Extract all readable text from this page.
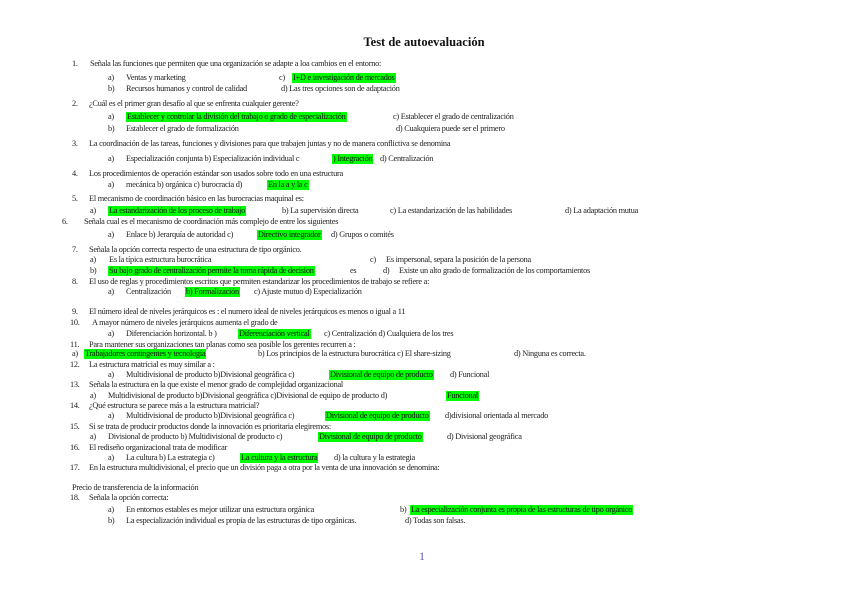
Test de autoevaluación
1. Señala las funciones que permiten que una organización se adapte a loa cambios en el entorno:
a) Ventas y marketing	c) I+D e investigación de mercados
b) Recursos humanos y control de calidad	d) Las tres opciones son de adaptación
2. ¿Cuál es el primer gran desafío al que se enfrenta cualquier gerente?
a) Establecer y controlar la división del trabajo o grado de especialización	c) Establecer el grado de centralización
b) Establecer el grado de formalización	d) Cuakquiera puede ser el primero
3. La coordinación de las tareas, funciones y divisiones para que trabajen juntas y no de manera conflictiva se denomina
a) Especialización conjunta b) Especialización individual c	) Integración d) Centralización
4. Los procedimientos de operación estándar son usados sobre todo en una estructura
a) mecánica b) orgánica c) burocracia d)	En la a y la c
5. El mecanismo de coordinación básico en las burocracias maquinal es:
a) La estandarización de los proceso de trabajo	b) La supervisión directa	c) La estandarización de las habilidades	d) La adaptación mutua
6. Señala cual es el mecanismo de coordinación más complejo de entre los siguientes
a) Enlace b) Jerarquía de autoridad c)	Directivo integrador d) Grupos o comités
7. Señala la opción correcta respecto de una estructura de tipo orgánico.
a) Es la típica estructura burocrática	c) Es impersonal, separa la posición de la persona
b) Su bajo grado de centralización permite la toma rápida de decision	es	d) Existe un alto grado de formalización de los comportamientos
8. El uso de reglas y procedimientos escritos que permiten estandarizar los procedimientos de trabajo se refiere a:
a) Centralización b) Formalización c) Ajuste mutuo d) Especialización
9. El número ideal de niveles jerárquicos es : el numero ideal de niveles jerárquicos es menos o igual a 11
10. A mayor número de niveles jerárquicos aumenta el grado de
a) Diferenciación horizontal. b )	Diferenciación vertical c) Centralización d) Cualquiera de los tres
11. Para mantener sus organizaciones tan planas como sea posible los gerentes recurren a :
a) Trabajadores contingentes y tecnología	b) Los principios de la estructura burocrática c) El share-sizing	d) Ninguna es correcta.
12. La estructura matricial es muy similar a :
a) Multidivisional de producto b)Divisional geográfica c)	Divisional de equipo de producto d) Funcional
13. Señala la estructura en la que existe el menor grado de complejidad organizacional
a) Multidivisional de producto b)Divisional geográfica c)Divisional de equipo de producto d)	Funcional
14. ¿Qué estructura se parece más a la estructura matricial?
a) Multidivisional de producto b)Divisional geográfica c)	Divisional de equipo de producto d)divisional orientada al mercado
15. Si se trata de producir productos donde la innovación es prioritaria elegiremos:
a) Divisional de producto b) Multidivisional de producto c)	Divisional de equipo de producto	d) Divisional geográfica
16. El rediseño organizacional trata de modificar
a) La cultura b) La estrategia c)	La cultura y la estructura d) la cultura y la estrategia
17. En la estructura multidivisional, el precio que un división paga a otra por la venta de una innovación se denomina:
Precio de transferencia de la información
18. Señala la opción correcta:
a) En entornos estables es mejor utilizar una estructura orgánica	b) La especialización conjunta es propia de las estructuras de tipo orgánico
b) La especialización individual es propia de las estructuras de tipo orgánicas.	d) Todas son falsas.
1
